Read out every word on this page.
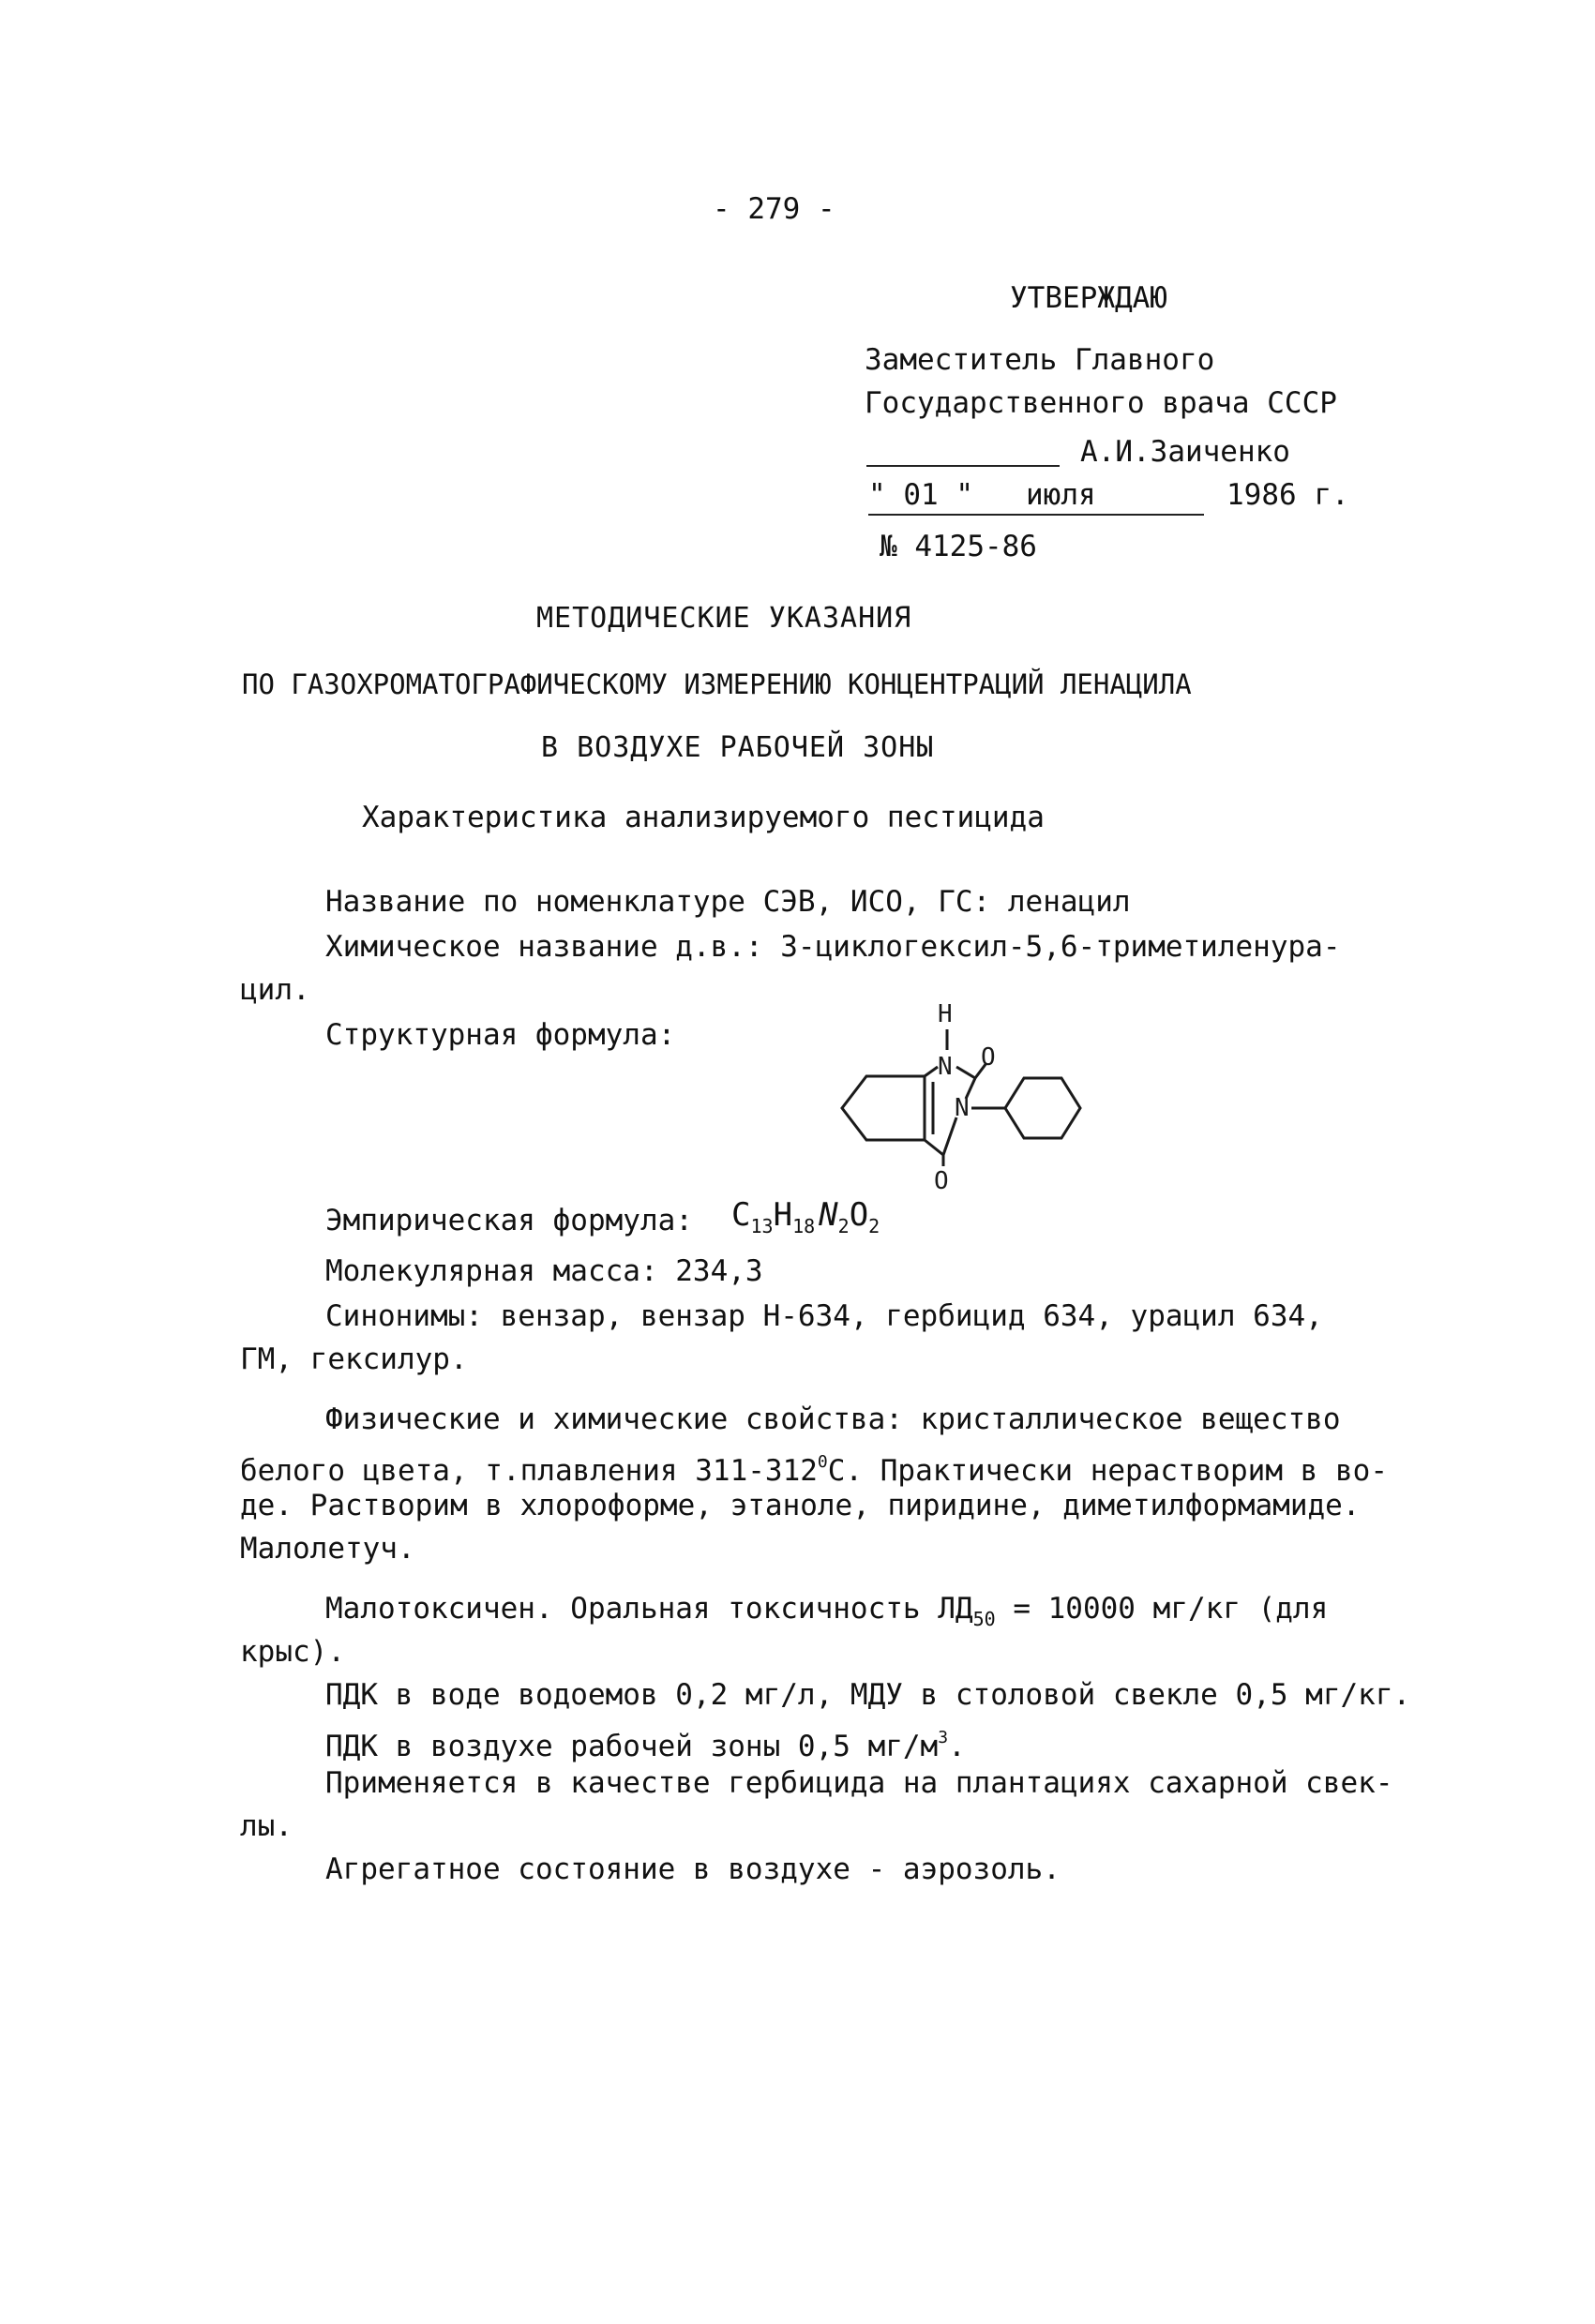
- 279 -
УТВЕРЖДАЮ
Заместитель Главного
Государственного врача СССР
А.И.Заиченко
" 01 " июля	1986 г.
№ 4125-86
МЕТОДИЧЕСКИЕ УКАЗАНИЯ
ПО ГАЗОХРОМАТОГРАФИЧЕСКОМУ ИЗМЕРЕНИЮ КОНЦЕНТРАЦИЙ ЛЕНАЦИЛА
В ВОЗДУХЕ РАБОЧЕЙ ЗОНЫ
Характеристика анализируемого пестицида
Название по номенклатуре СЭВ, ИСО, ГС: ленацил
Химическое название д.в.: 3-циклогексил-5,6-триметиленура-
цил.
Структурная формула:
H
N O
N
O
Эмпирическая формула: $C_{13}H_{18}$ $N_2O_2$
Молекулярная масса: 234,3
Синонимы: вензар, вензар Н-634, гербицид 634, урацил 634,
ГМ, гексилур.
Физические и химические свойства: кристаллическое вещество
белого цвета, т.плавления $311-312^0С$. Практически нерастворим в во-
де. Растворим в хлороформе, этаноле, пиридине, диметилформамиде.
Малолетуч.
Малотоксичен. Оральная токсичность $ЛД_{50} = 10000$ мг/кг (для
крыс).
ПДК в воде водоемов 0,2 мг/л, МДУ в столовой свекле 0,5 мг/кг.
ПДК в воздухе рабочей зоны 0,5 $мг/м^3$.
Применяется в качестве гербицида на плантациях сахарной свек-
лы.
Агрегатное состояние в воздухе - аэрозоль.
